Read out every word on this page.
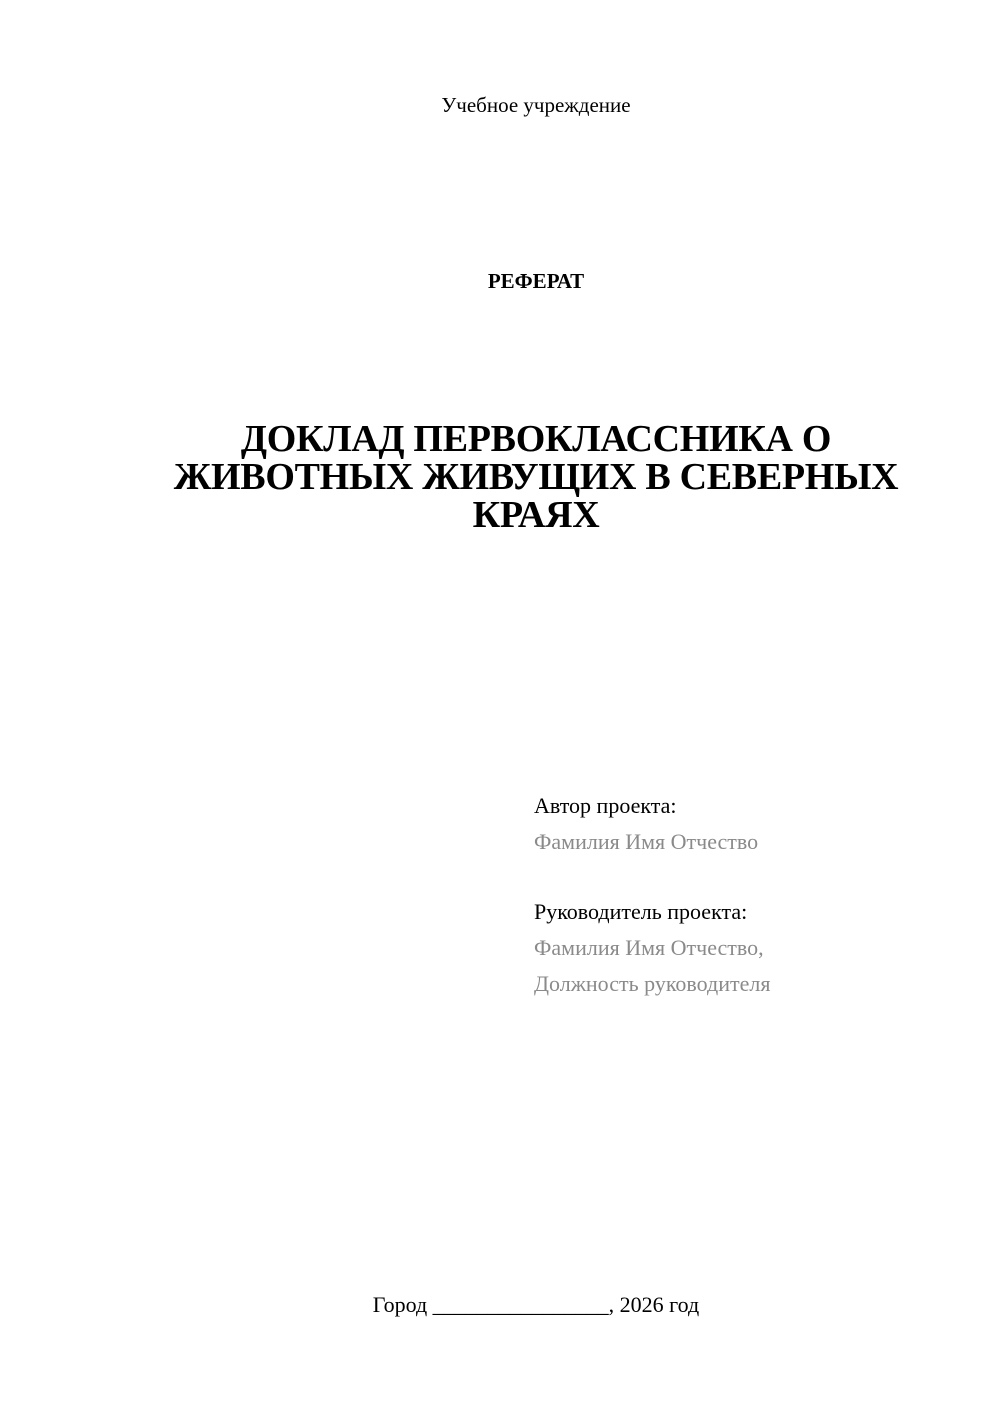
Учебное учреждение
РЕФЕРАТ
ДОКЛАД ПЕРВОКЛАССНИКА О
ЖИВОТНЫХ ЖИВУЩИХ В СЕВЕРНЫХ
КРАЯХ
Автор проекта:
Фамилия Имя Отчество
Руководитель проекта:
Фамилия Имя Отчество,
Должность руководителя
Город ________________, 2026 год
